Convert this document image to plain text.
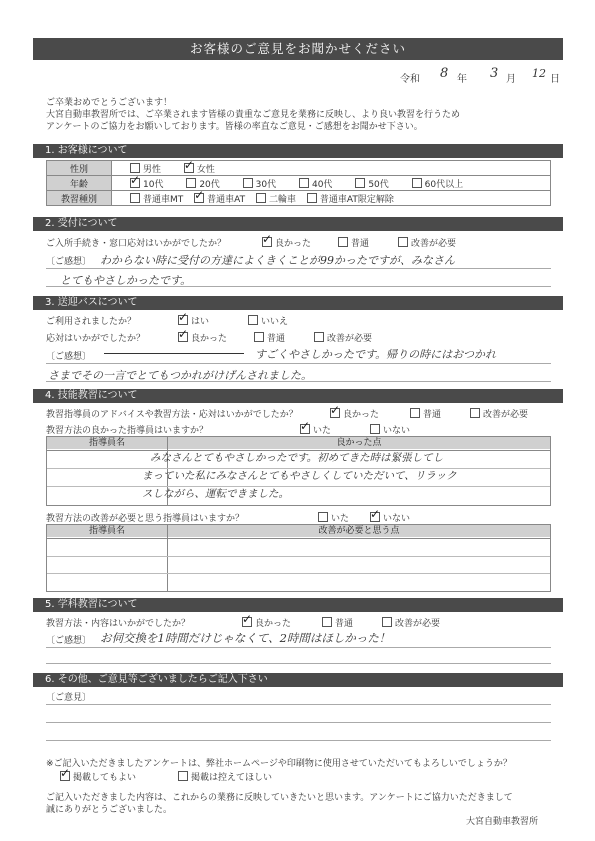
お客様のご意見をお聞かせください
令和 8 年 3 月 12 日
ご卒業おめでとうございます！
大宮自動車教習所では、ご卒業されます皆様の貴重なご意見を業務に反映し、より良い教習を行うため
アンケートのご協力をお願いしております。皆様の率直なご意見・ご感想をお聞かせ下さい。
1. お客様について
性別	男性 ✓ 女性
年齢	✓10代 20代 30代 40代 50代 60代以上
教習種別	普通車MT ✓ 普通車AT 二輪車 普通車AT限定解除
2. 受付について
ご入所手続き・窓口応対はいかがでしたか？ ✓	良かった	普通	改善が必要
〔ご感想〕 わからない時に受付の方達によくきくことが99かったですが、みなさん
とてもやさしかったです。
3. 送迎バスについて
ご利用されましたか？ ✓	はい	いいえ
応対はいかがでしたか？ ✓	良かった	普通	改善が必要
〔ご感想〕	すごくやさしかったです。帰りの時にはおつかれ
さまでその一言でとてもつかれがけげんされました。
4. 技能教習について
教習指導員のアドバイスや教習方法・応対はいかがでしたか？ ✓	良かった	普通	改善が必要
教習方法の良かった指導員はいますか？ ✓	いた	いない
指導員名	良かった点
みなさんとてもやさしかったです。初めてきた時は緊張してし
まっていた私にみなさんとてもやさしくしていただいて、リラック
スしながら、運転できました。
教習方法の改善が必要と思う指導員はいますか？	いた ✓	いない
指導員名	改善が必要と思う点
5. 学科教習について
教習方法・内容はいかがでしたか？ ✓	良かった	普通	改善が必要
〔ご感想〕 お伺交換を1時間だけじゃなくて、2時間はほしかった！
6. その他、ご意見等ございましたらご記入下さい
〔ご意見〕
※ご記入いただきましたアンケートは、弊社ホームページや印刷物に使用させていただいてもよろしいでしょうか？
✓掲載してもよい	掲載は控えてほしい
ご記入いただきました内容は、これからの業務に反映していきたいと思います。アンケートにご協力いただきまして
誠にありがとうございました。
大宮自動車教習所
